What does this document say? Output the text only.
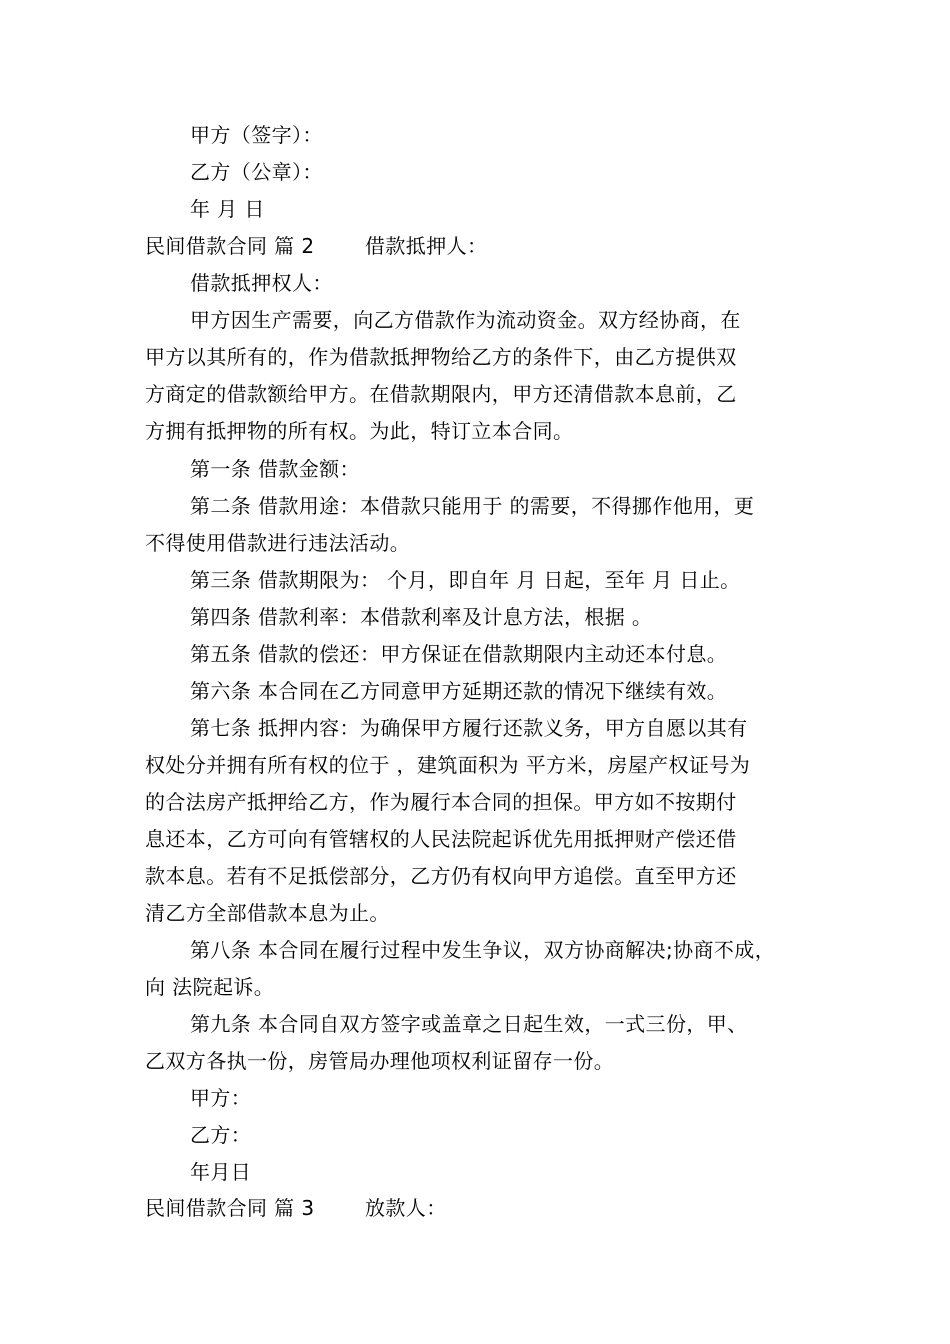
甲方（签字）：
乙方（公章）：
年 月 日
民间借款合同 篇 2	借款抵押人：
借款抵押权人：
甲方因生产需要，向乙方借款作为流动资金。双方经协商，在
甲方以其所有的，作为借款抵押物给乙方的条件下，由乙方提供双
方商定的借款额给甲方。在借款期限内，甲方还清借款本息前，乙
方拥有抵押物的所有权。为此，特订立本合同。
第一条 借款金额：
第二条 借款用途：本借款只能用于 的需要，不得挪作他用，更
不得使用借款进行违法活动。
第三条 借款期限为： 个月，即自年 月 日起，至年 月 日止。
第四条 借款利率：本借款利率及计息方法，根据 。
第五条 借款的偿还：甲方保证在借款期限内主动还本付息。
第六条 本合同在乙方同意甲方延期还款的情况下继续有效。
第七条 抵押内容：为确保甲方履行还款义务，甲方自愿以其有
权处分并拥有所有权的位于 ，建筑面积为 平方米，房屋产权证号为
的合法房产抵押给乙方，作为履行本合同的担保。甲方如不按期付
息还本，乙方可向有管辖权的人民法院起诉优先用抵押财产偿还借
款本息。若有不足抵偿部分，乙方仍有权向甲方追偿。直至甲方还
清乙方全部借款本息为止。
第八条 本合同在履行过程中发生争议，双方协商解决;协商不成，
向 法院起诉。
第九条 本合同自双方签字或盖章之日起生效，一式三份，甲、
乙双方各执一份，房管局办理他项权利证留存一份。
甲方：
乙方：
年月日
民间借款合同 篇 3	放款人：
